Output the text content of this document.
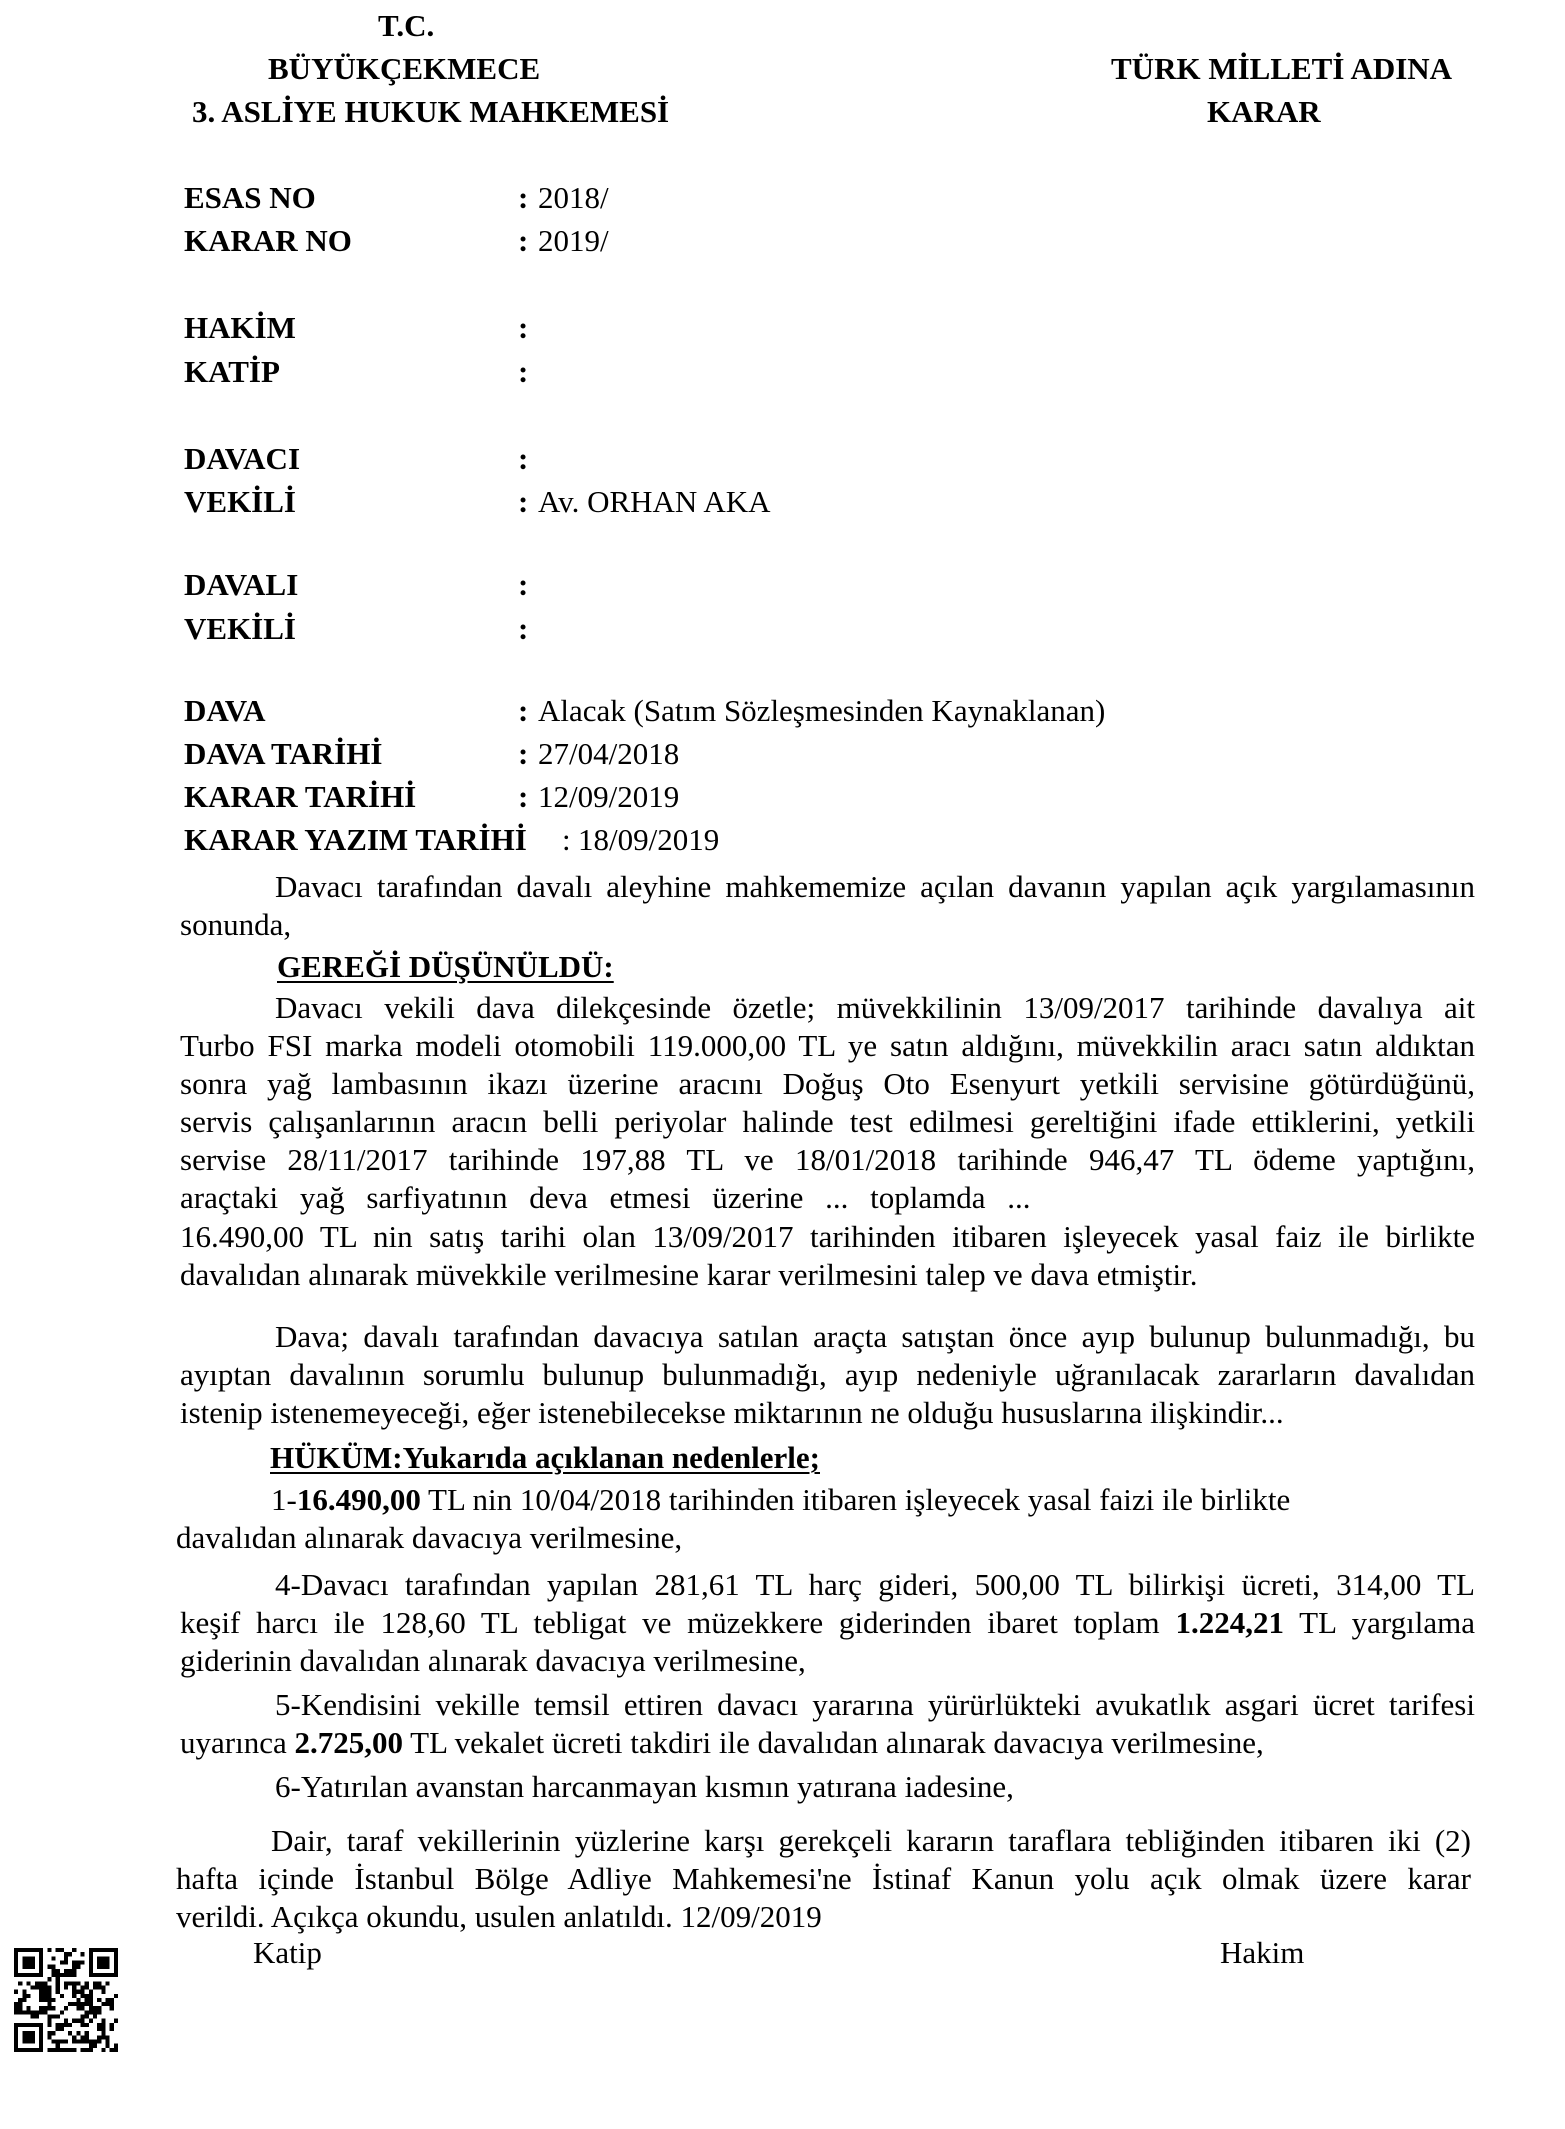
T.C.
BÜYÜKÇEKMECE
3. ASLİYE HUKUK MAHKEMESİ
TÜRK MİLLETİ ADINA
KARAR
ESAS NO	: 2018/
KARAR NO	: 2019/
HAKİM	:
KATİP	:
DAVACI	:
VEKİLİ	: Av. ORHAN AKA
DAVALI	:
VEKİLİ	:
DAVA	: Alacak (Satım Sözleşmesinden Kaynaklanan)
DAVA TARİHİ	: 27/04/2018
KARAR TARİHİ	: 12/09/2019
KARAR YAZIM TARİHİ : 18/09/2019
Davacı tarafından davalı aleyhine mahkememize açılan davanın yapılan açık yargılamasının
sonunda,
GEREĞİ DÜŞÜNÜLDÜ:
Davacı vekili dava dilekçesinde özetle; müvekkilinin 13/09/2017 tarihinde davalıya ait
Turbo FSI marka modeli otomobili 119.000,00 TL ye satın aldığını, müvekkilin aracı satın aldıktan
sonra yağ lambasının ikazı üzerine aracını Doğuş Oto Esenyurt yetkili servisine götürdüğünü,
servis çalışanlarının aracın belli periyolar halinde test edilmesi gereltiğini ifade ettiklerini, yetkili
servise 28/11/2017 tarihinde 197,88 TL ve 18/01/2018 tarihinde 946,47 TL ödeme yaptığını,
araçtaki yağ sarfiyatının deva etmesi üzerine ... toplamda ...
16.490,00 TL nin satış tarihi olan 13/09/2017 tarihinden itibaren işleyecek yasal faiz ile birlikte
davalıdan alınarak müvekkile verilmesine karar verilmesini talep ve dava etmiştir.
Dava; davalı tarafından davacıya satılan araçta satıştan önce ayıp bulunup bulunmadığı, bu
ayıptan davalının sorumlu bulunup bulunmadığı, ayıp nedeniyle uğranılacak zararların davalıdan
istenip istenemeyeceği, eğer istenebilecekse miktarının ne olduğu hususlarına ilişkindir...
HÜKÜM:Yukarıda açıklanan nedenlerle;
1-16.490,00 TL nin 10/04/2018 tarihinden itibaren işleyecek yasal faizi ile birlikte
davalıdan alınarak davacıya verilmesine,
4-Davacı tarafından yapılan 281,61 TL harç gideri, 500,00 TL bilirkişi ücreti, 314,00 TL
keşif harcı ile 128,60 TL tebligat ve müzekkere giderinden ibaret toplam 1.224,21 TL yargılama
giderinin davalıdan alınarak davacıya verilmesine,
5-Kendisini vekille temsil ettiren davacı yararına yürürlükteki avukatlık asgari ücret tarifesi
uyarınca 2.725,00 TL vekalet ücreti takdiri ile davalıdan alınarak davacıya verilmesine,
6-Yatırılan avanstan harcanmayan kısmın yatırana iadesine,
Dair, taraf vekillerinin yüzlerine karşı gerekçeli kararın taraflara tebliğinden itibaren iki (2)
hafta içinde İstanbul Bölge Adliye Mahkemesi'ne İstinaf Kanun yolu açık olmak üzere karar
verildi. Açıkça okundu, usulen anlatıldı. 12/09/2019
Katip	Hakim
